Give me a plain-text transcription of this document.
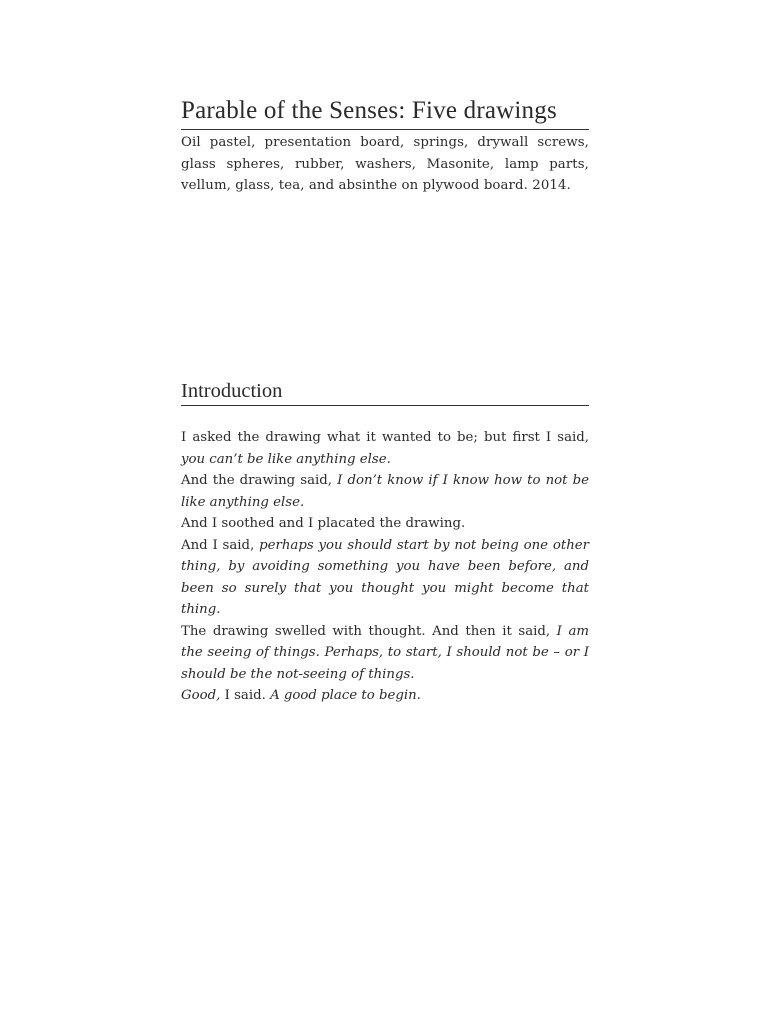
Parable of the Senses: Five drawings

Oil pastel, presentation board, springs, drywall screws, glass spheres, rubber, washers, Masonite, lamp parts, vellum, glass, tea, and absinthe on plywood board. 2014.

Introduction

I asked the drawing what it wanted to be; but first I said, you can’t be like anything else.

And the drawing said, I don’t know if I know how to not be like anything else.

And I soothed and I placated the drawing.

And I said, perhaps you should start by not being one other thing, by avoiding something you have been before, and been so surely that you thought you might become that thing.

The drawing swelled with thought. And then it said, I am the seeing of things. Perhaps, to start, I should not be – or I should be the not-seeing of things.

Good, I said. A good place to begin.
